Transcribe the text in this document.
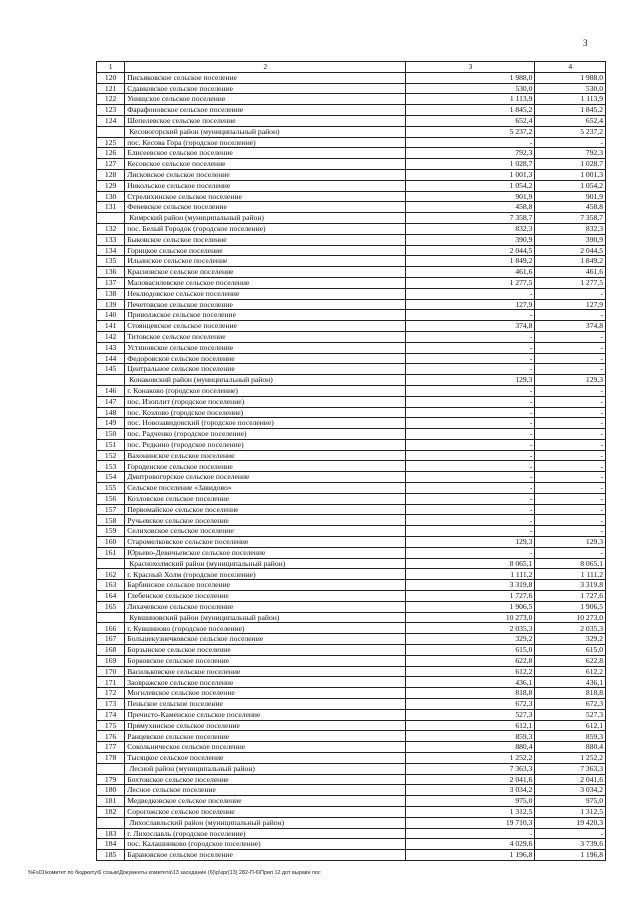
3
1	2	3	4
120	Письяковское сельское поселение	1 988,0	1 988,0
121	Сдавковское сельское поселение	530,0	530,0
122	Унищское сельское поселение	1 113,9	1 113,9
123	Фарафоновское сельское поселение	1 845,2	1 845,2
124	Шепелевское сельское поселение	652,4	652,4
	Кесовогорский район (муниципальный район)	5 237,2	5 237,2
125	пос. Кесова Гора (городское поселение)	-	-
126	Елисеевское сельское поселение	792,3	792,3
127	Кесовское сельское поселение	1 028,7	1 028,7
128	Лисковское сельское поселение	1 001,3	1 001,3
129	Никольское сельское поселение	1 054,2	1 054,2
130	Стрелихинское сельское поселение	901,9	901,9
131	Феневское сельское поселение	458,8	458,8
	Кимрский район (муниципальный район)	7 358,7	7 358,7
132	пос. Белый Городок (городское поселение)	832,3	832,3
133	Быковское сельское поселение	390,9	390,9
134	Горицкое сельское поселение	2 044,5	2 044,5
135	Ильинское сельское поселение	1 849,2	1 849,2
136	Красновское сельское поселение	461,6	461,6
137	Маловасилевское сельское поселение	1 277,5	1 277,5
138	Неклюдовское сельское поселение	-	-
139	Печетовское сельское поселение	127,9	127,9
140	Приволжское сельское поселение	-	-
141	Стоянцевское сельское поселение	374,8	374,8
142	Титовское сельское поселение	-	-
143	Устиновское сельское поселение	-	-
144	Федоровское сельское поселение	-	-
145	Центральное сельское поселение	-	-
	Конаковский район (муниципальный район)	129,3	129,3
146	г. Конаково (городское поселение)	-	-
147	пос. Изоплит (городское поселение)	-	-
148	пос. Козлово (городское поселение)	-	-
149	пос. Новозавидовский (городское поселение)	-	-
150	пос. Радченко (городское поселение)	-	-
151	пос. Редкино (городское поселение)	-	-
152	Вахонинское сельское поселение	-	-
153	Городенское сельское поселение	-	-
154	Дмитровогорское сельское поселение	-	-
155	Сельское поселение «Завидово»	-	-
156	Козловское сельское поселение	-	-
157	Первомайское сельское поселение	-	-
158	Ручьевское сельское поселение	-	-
159	Селиховское сельское поселение	-	-
160	Старомелковское сельское поселение	129,3	129,3
161	Юрьево-Девичьевское сельское поселение	-	-
	Краснохолмский район (муниципальный район)	8 065,1	8 065,1
162	г. Красный Холм (городское поселение)	1 111,2	1 111,2
163	Барбинское сельское поселение	3 319,8	3 319,8
164	Глебенское сельское поселение	1 727,6	1 727,6
165	Лихачевское сельское поселение	1 906,5	1 906,5
	Кувшиновский район (муниципальный район)	10 273,0	10 273,0
166	г. Кувшиново (городское поселение)	2 035,3	2 035,3
167	Большекузнечковское сельское поселение	329,2	329,2
168	Борзынское сельское поселение	615,0	615,0
169	Борковское сельское поселение	622,8	622,8
170	Васильковское сельское поселение	612,2	612,2
171	Заовражское сельское поселение	436,1	436,1
172	Могилевское сельское поселение	818,8	818,8
173	Пеньское сельское поселение	672,3	672,3
174	Пречисто-Каменское сельское поселение	527,3	527,3
175	Прямухинское сельское поселение	612,1	612,1
176	Ранцевское сельское поселение	859,3	859,3
177	Сокольническое сельское поселение	880,4	880,4
178	Тысяцкое сельское поселение	1 252,2	1 252,2
	Лесной район (муниципальный район)	7 363,3	7 363,3
179	Бохтовское сельское поселение	2 041,6	2 041,6
180	Лесное сельское поселение	3 034,2	3 034,2
181	Медведковское сельское поселение	975,0	975,0
182	Сорогожское сельское поселение	1 312,5	1 312,5
	Лихославльский район (муниципальный район)	19 710,3	19 420,3
183	г. Лихославль (городское поселение)	-	-
184	пос. Калашниково (городское поселение)	4 029,6	3 739,6
185	Барановское сельское поселение	1 196,8	1 196,8
%Fs01\комитет по бюджету\6 созыв\Документы комитета\13 заседание (6)\р\зрг(13) 282-П-6\Прил 12 дот выравн пос
